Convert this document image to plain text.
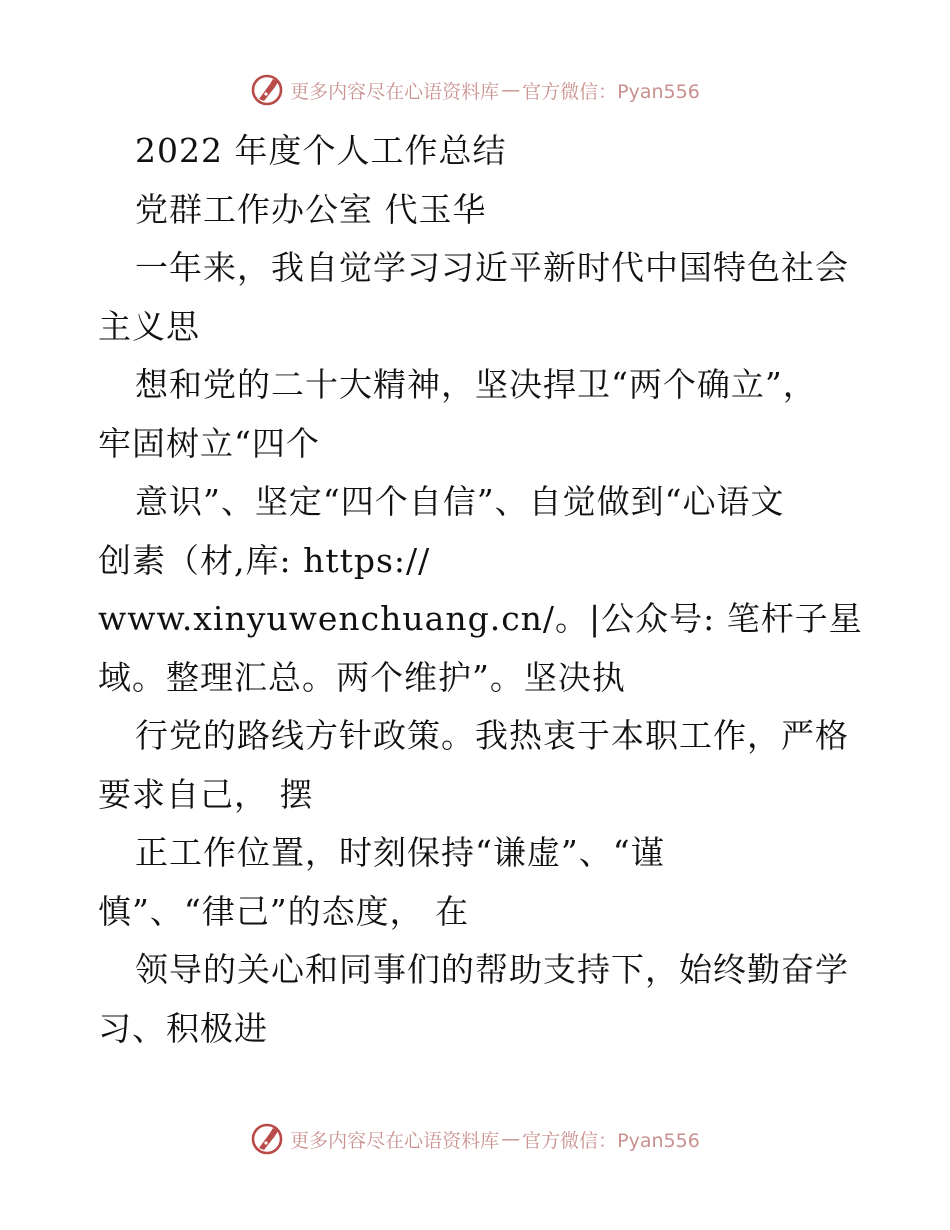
更多内容尽在心语资料库 — 官方微信：Pyan556
2022 年度个人工作总结
党群工作办公室 代玉华
一年来，我自觉学习习近平新时代中国特色社会
主义思
想和党的二十大精神，坚决捍卫“两个确立”，
牢固树立“四个
意识”、坚定“四个自信”、自觉做到“心语文
创素（材,库: https://
www.xinyuwenchuang.cn/。|公众号: 笔杆子星
域。整理汇总。两个维护”。坚决执
行党的路线方针政策。我热衷于本职工作，严格
要求自己， 摆
正工作位置，时刻保持“谦虚”、“谨
慎”、“律己”的态度， 在
领导的关心和同事们的帮助支持下，始终勤奋学
习、积极进
更多内容尽在心语资料库 — 官方微信：Pyan556
